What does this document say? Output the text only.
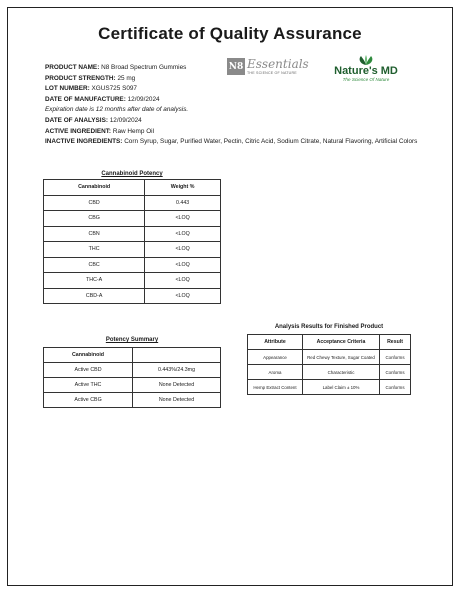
Certificate of Quality Assurance
PRODUCT NAME: N8 Broad Spectrum Gummies
PRODUCT STRENGTH: 25 mg
LOT NUMBER: XGUS725 S097
DATE OF MANUFACTURE: 12/09/2024
Expiration date is 12 months after date of analysis.
DATE OF ANALYSIS: 12/09/2024
ACTIVE INGREDIENT: Raw Hemp Oil
INACTIVE INGREDIENTS: Corn Syrup, Sugar, Purified Water, Pectin, Citric Acid, Sodium Citrate, Natural Flavoring, Artificial Colors
N8 Essentials
THE SCIENCE OF NATURE	Nature's MD
The Science Of Nature
Cannabinoid Potency
Cannabinoid	Weight %
CBD	0.443
CBG	<LOQ
CBN	<LOQ
THC	<LOQ
CBC	<LOQ
THC-A	<LOQ
CBD-A	<LOQ
Potency Summary
Cannabinoid	
Active CBD	0.443%/24.3mg
Active THC	None Detected
Active CBG	None Detected
Analysis Results for Finished Product
Attribute	Acceptance Criteria	Result
Appearance	Red Chewy Texture, Sugar Coated	Conforms
Aroma	Characteristic	Conforms
Hemp Extract Content	Label Claim ± 10%	Conforms
